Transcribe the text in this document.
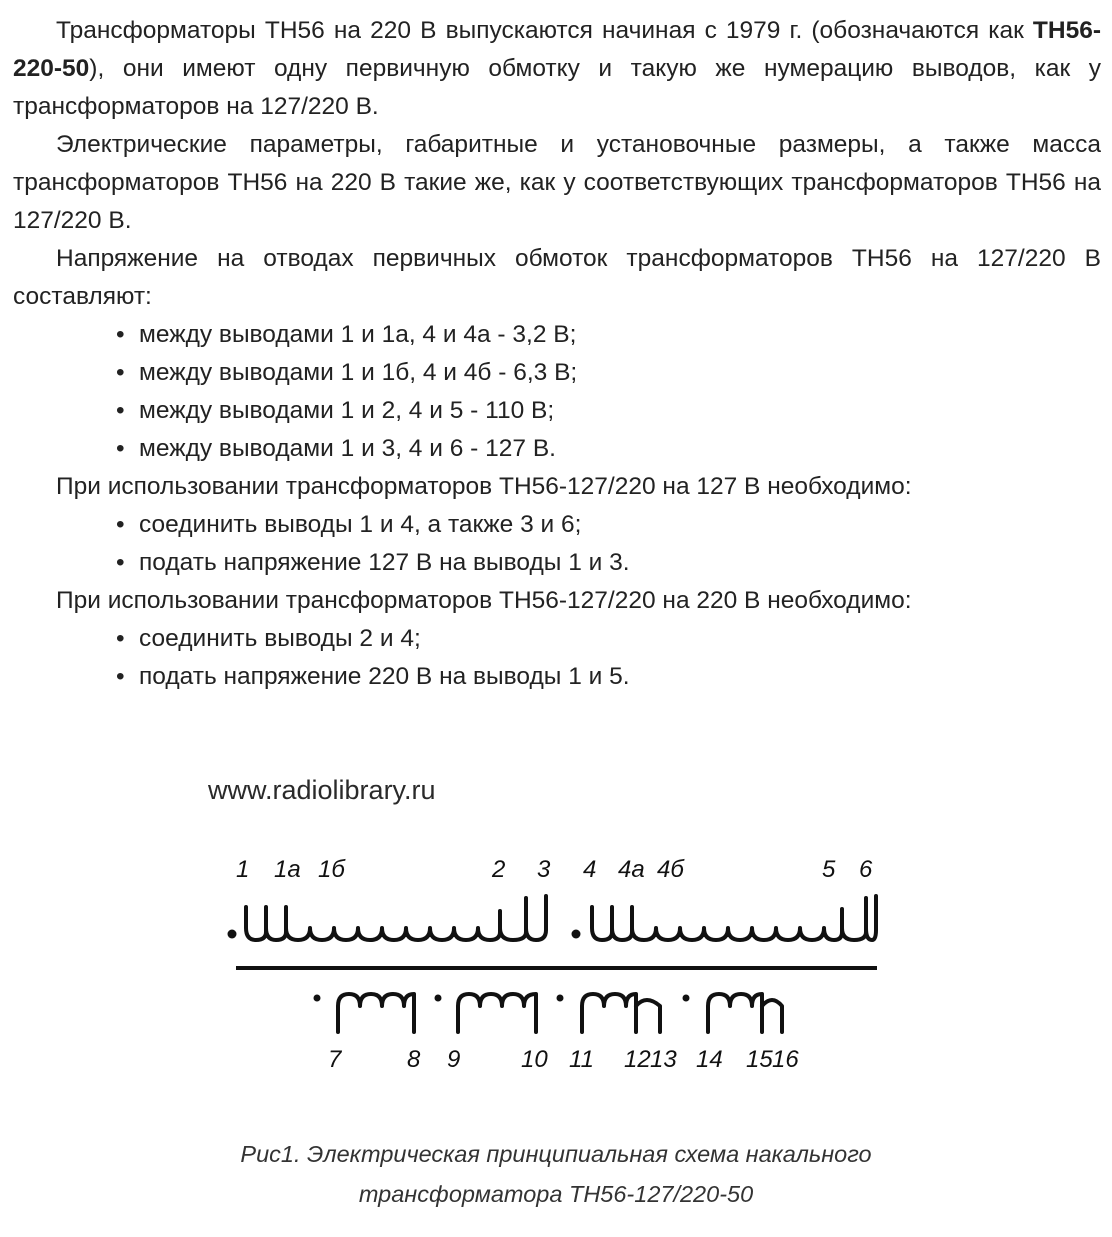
Трансформаторы ТН56 на 220 В выпускаются начиная с 1979 г. (обозначаются как ТН56-220-50), они имеют одну первичную обмотку и такую же нумерацию выводов, как у трансформаторов на 127/220 В.

Электрические параметры, габаритные и установочные размеры, а также масса трансформаторов ТН56 на 220 В такие же, как у соответствующих трансформаторов ТН56 на 127/220 В.

Напряжение на отводах первичных обмоток трансформаторов ТН56 на 127/220 В составляют:

• между выводами 1 и 1а, 4 и 4а - 3,2 В;
• между выводами 1 и 1б, 4 и 4б - 6,3 В;
• между выводами 1 и 2, 4 и 5 - 110 В;
• между выводами 1 и 3, 4 и 6 - 127 В.

При использовании трансформаторов ТН56-127/220 на 127 В необходимо:

• соединить выводы 1 и 4, а также 3 и 6;
• подать напряжение 127 В на выводы 1 и 3.

При использовании трансформаторов ТН56-127/220 на 220 В необходимо:

• соединить выводы 2 и 4;
• подать напряжение 220 В на выводы 1 и 5.
www.radiolibrary.ru
1 1а 1б	2 3 4 4а 4б	5 6
7	8 9	10 11 12 13 14 15 16
Рис1. Электрическая принципиальная схема накального
трансформатора ТН56-127/220-50
